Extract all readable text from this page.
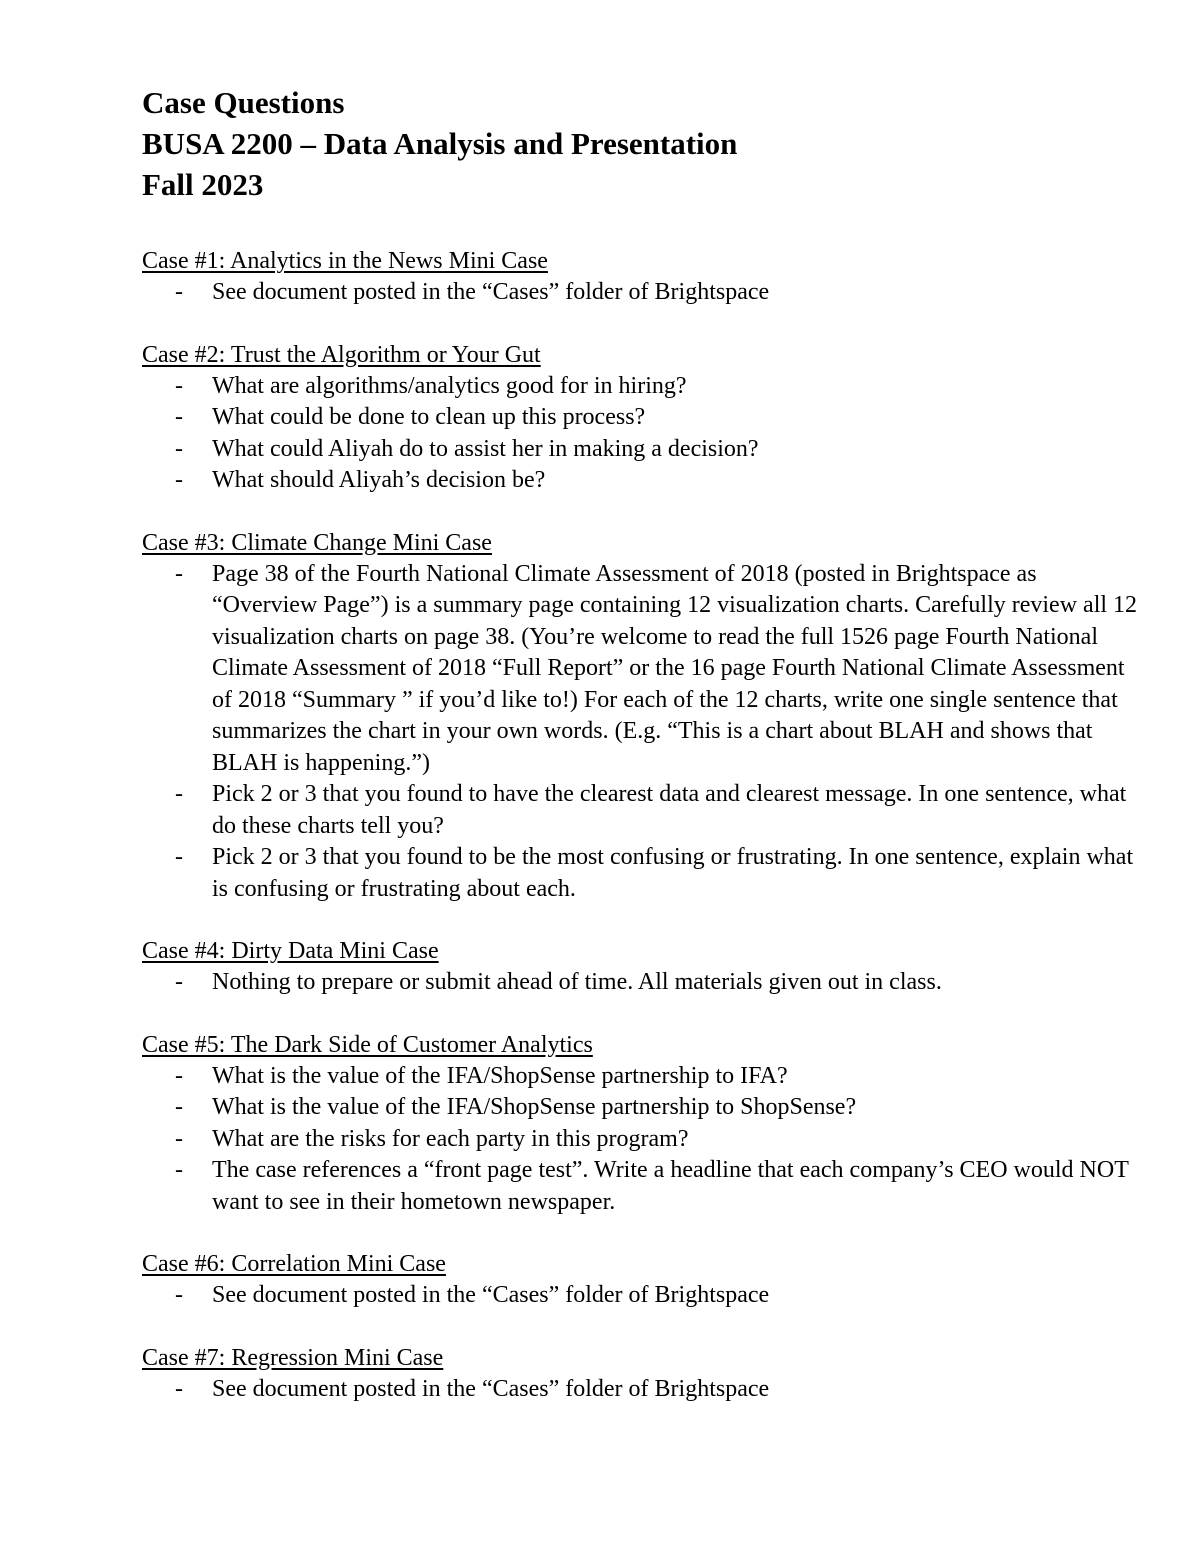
Case Questions

BUSA 2200 – Data Analysis and Presentation

Fall 2023

Case #1: Analytics in the News Mini Case

- See document posted in the “Cases” folder of Brightspace

Case #2: Trust the Algorithm or Your Gut

- What are algorithms/analytics good for in hiring?
- What could be done to clean up this process?
- What could Aliyah do to assist her in making a decision?
- What should Aliyah’s decision be?

Case #3: Climate Change Mini Case

- Page 38 of the Fourth National Climate Assessment of 2018 (posted in Brightspace as “Overview Page”) is a summary page containing 12 visualization charts. Carefully review all 12 visualization charts on page 38. (You’re welcome to read the full 1526 page Fourth National Climate Assessment of 2018 “Full Report” or the 16 page Fourth National Climate Assessment of 2018 “Summary ” if you’d like to!) For each of the 12 charts, write one single sentence that summarizes the chart in your own words. (E.g. “This is a chart about BLAH and shows that BLAH is happening.”)
- Pick 2 or 3 that you found to have the clearest data and clearest message. In one sentence, what do these charts tell you?
- Pick 2 or 3 that you found to be the most confusing or frustrating. In one sentence, explain what is confusing or frustrating about each.

Case #4: Dirty Data Mini Case

- Nothing to prepare or submit ahead of time. All materials given out in class.

Case #5: The Dark Side of Customer Analytics

- What is the value of the IFA/ShopSense partnership to IFA?
- What is the value of the IFA/ShopSense partnership to ShopSense?
- What are the risks for each party in this program?
- The case references a “front page test”. Write a headline that each company’s CEO would NOT want to see in their hometown newspaper.

Case #6: Correlation Mini Case

- See document posted in the “Cases” folder of Brightspace

Case #7: Regression Mini Case

- See document posted in the “Cases” folder of Brightspace
